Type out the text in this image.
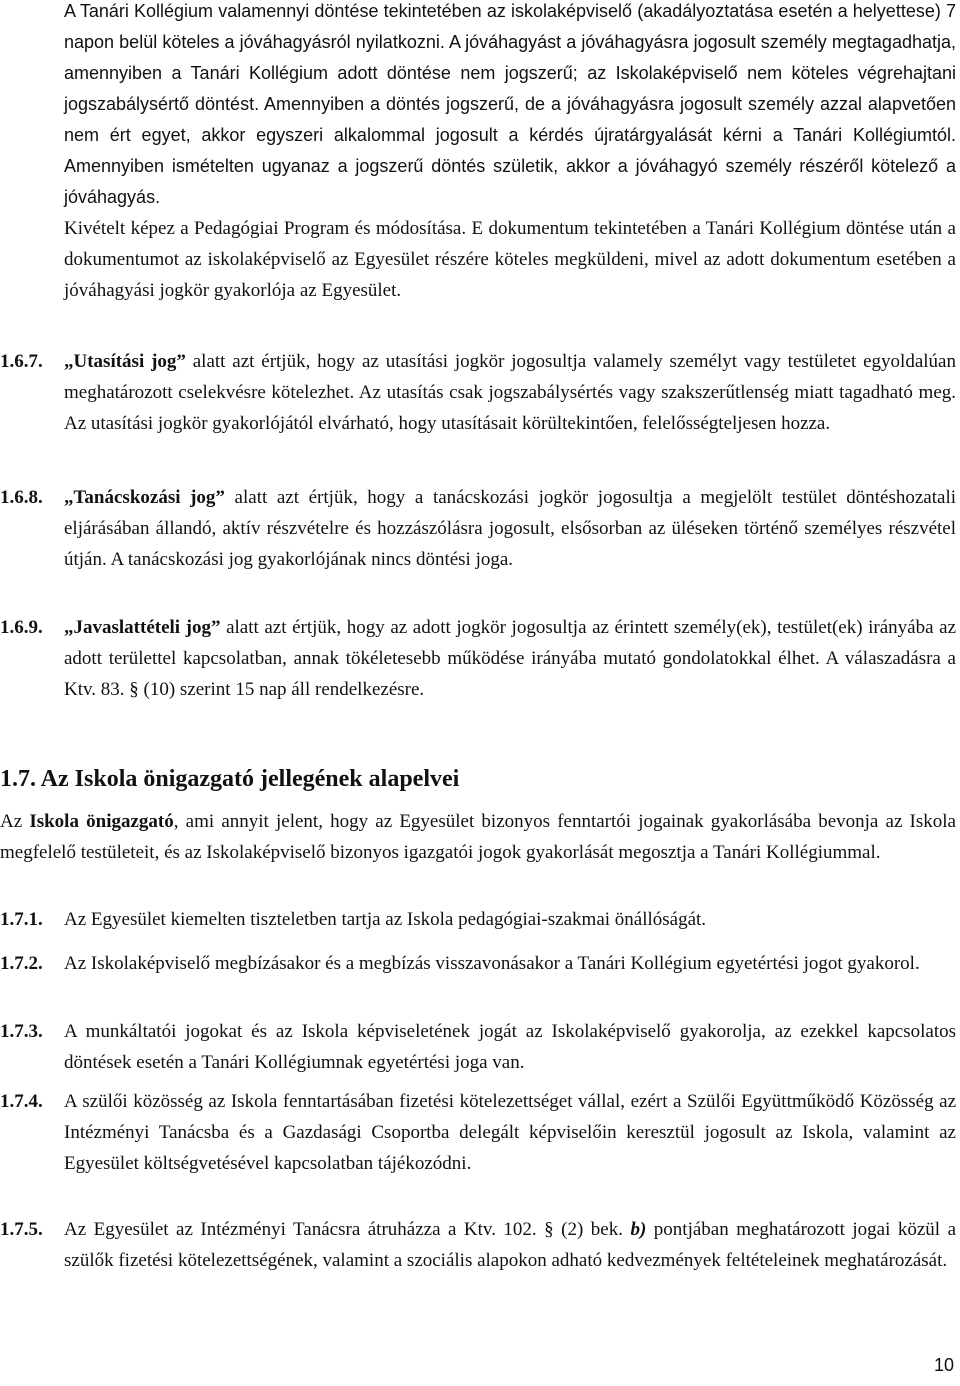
A Tanári Kollégium valamennyi döntése tekintetében az iskolaképviselő (akadályoztatása esetén a helyettese) 7 napon belül köteles a jóváhagyásról nyilatkozni. A jóváhagyást a jóváhagyásra jogosult személy megtagadhatja, amennyiben a Tanári Kollégium adott döntése nem jogszerű; az Iskolaképviselő nem köteles végrehajtani jogszabálysértő döntést. Amennyiben a döntés jogszerű, de a jóváhagyásra jogosult személy azzal alapvetően nem ért egyet, akkor egyszeri alkalommal jogosult a kérdés újratárgyalását kérni a Tanári Kollégiumtól. Amennyiben ismételten ugyanaz a jogszerű döntés születik, akkor a jóváhagyó személy részéről kötelező a jóváhagyás.

Kivételt képez a Pedagógiai Program és módosítása. E dokumentum tekintetében a Tanári Kollégium döntése után a dokumentumot az iskolaképviselő az Egyesület részére köteles megküldeni, mivel az adott dokumentum esetében a jóváhagyási jogkör gyakorlója az Egyesület.

1.6.7.	„Utasítási jog” alatt azt értjük, hogy az utasítási jogkör jogosultja valamely személyt vagy testületet egyoldalúan meghatározott cselekvésre kötelezhet. Az utasítás csak jogszabálysértés vagy szakszerűtlenség miatt tagadható meg. Az utasítási jogkör gyakorlójától elvárható, hogy utasításait körültekintően, felelősségteljesen hozza.

1.6.8.	„Tanácskozási jog” alatt azt értjük, hogy a tanácskozási jogkör jogosultja a megjelölt testület döntéshozatali eljárásában állandó, aktív részvételre és hozzászólásra jogosult, elsősorban az üléseken történő személyes részvétel útján. A tanácskozási jog gyakorlójának nincs döntési joga.

1.6.9.	„Javaslattételi jog” alatt azt értjük, hogy az adott jogkör jogosultja az érintett személy(ek), testület(ek) irányába az adott területtel kapcsolatban, annak tökéletesebb működése irányába mutató gondolatokkal élhet. A válaszadásra a Ktv. 83. § (10) szerint 15 nap áll rendelkezésre.

1.7. Az Iskola önigazgató jellegének alapelvei

Az Iskola önigazgató, ami annyit jelent, hogy az Egyesület bizonyos fenntartói jogainak gyakorlásába bevonja az Iskola megfelelő testületeit, és az Iskolaképviselő bizonyos igazgatói jogok gyakorlását megosztja a Tanári Kollégiummal.

1.7.1.	Az Egyesület kiemelten tiszteletben tartja az Iskola pedagógiai-szakmai önállóságát.

1.7.2.	Az Iskolaképviselő megbízásakor és a megbízás visszavonásakor a Tanári Kollégium egyetértési jogot gyakorol.

1.7.3.	A munkáltatói jogokat és az Iskola képviseletének jogát az Iskolaképviselő gyakorolja, az ezekkel kapcsolatos döntések esetén a Tanári Kollégiumnak egyetértési joga van.

1.7.4.	A szülői közösség az Iskola fenntartásában fizetési kötelezettséget vállal, ezért a Szülői Együttműködő Közösség az Intézményi Tanácsba és a Gazdasági Csoportba delegált képviselőin keresztül jogosult az Iskola, valamint az Egyesület költségvetésével kapcsolatban tájékozódni.

1.7.5.	Az Egyesület az Intézményi Tanácsra átruházza a Ktv. 102. § (2) bek. b) pontjában meghatározott jogai közül a szülők fizetési kötelezettségének, valamint a szociális alapokon adható kedvezmények feltételeinek meghatározását.

10
